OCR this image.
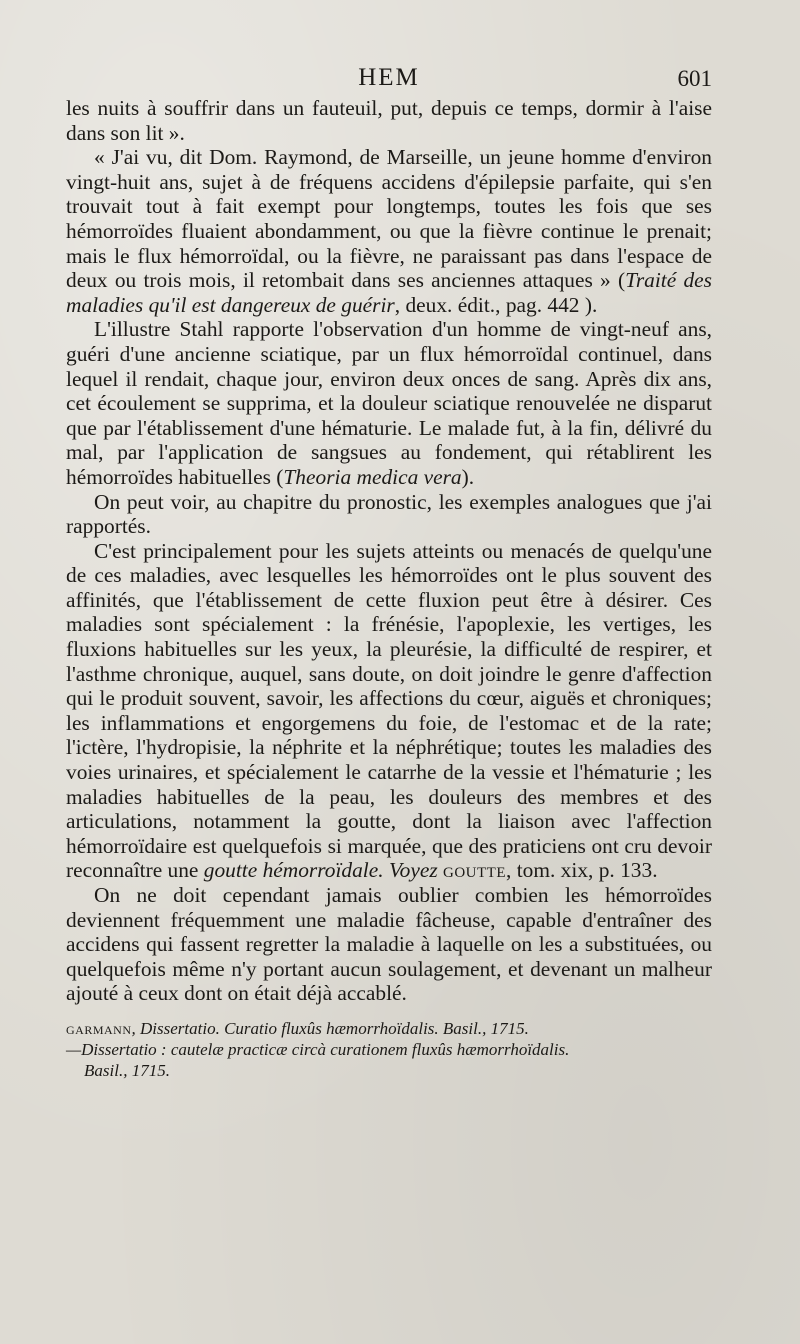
HEM	601

les nuits à souffrir dans un fauteuil, put, depuis ce temps, dormir à l'aise dans son lit ».

« J'ai vu, dit Dom. Raymond, de Marseille, un jeune homme d'environ vingt-huit ans, sujet à de fréquens accidens d'épilepsie parfaite, qui s'en trouvait tout à fait exempt pour longtemps, toutes les fois que ses hémorroïdes fluaient abondamment, ou que la fièvre continue le prenait; mais le flux hémorroïdal, ou la fièvre, ne paraissant pas dans l'espace de deux ou trois mois, il retombait dans ses anciennes attaques » (Traité des maladies qu'il est dangereux de guérir, deux. édit., pag. 442 ).

L'illustre Stahl rapporte l'observation d'un homme de vingt-neuf ans, guéri d'une ancienne sciatique, par un flux hémorroïdal continuel, dans lequel il rendait, chaque jour, environ deux onces de sang. Après dix ans, cet écoulement se supprima, et la douleur sciatique renouvelée ne disparut que par l'établissement d'une hématurie. Le malade fut, à la fin, délivré du mal, par l'application de sangsues au fondement, qui rétablirent les hémorroïdes habituelles (Theoria medica vera).

On peut voir, au chapitre du pronostic, les exemples analogues que j'ai rapportés.

C'est principalement pour les sujets atteints ou menacés de quelqu'une de ces maladies, avec lesquelles les hémorroïdes ont le plus souvent des affinités, que l'établissement de cette fluxion peut être à désirer. Ces maladies sont spécialement : la frénésie, l'apoplexie, les vertiges, les fluxions habituelles sur les yeux, la pleurésie, la difficulté de respirer, et l'asthme chronique, auquel, sans doute, on doit joindre le genre d'affection qui le produit souvent, savoir, les affections du cœur, aiguës et chroniques; les inflammations et engorgemens du foie, de l'estomac et de la rate; l'ictère, l'hydropisie, la néphrite et la néphrétique; toutes les maladies des voies urinaires, et spécialement le catarrhe de la vessie et l'hématurie ; les maladies habituelles de la peau, les douleurs des membres et des articulations, notamment la goutte, dont la liaison avec l'affection hémorroïdaire est quelquefois si marquée, que des praticiens ont cru devoir reconnaître une goutte hémorroïdale. Voyez goutte, tom. xix, p. 133.

On ne doit cependant jamais oublier combien les hémorroïdes deviennent fréquemment une maladie fâcheuse, capable d'entraîner des accidens qui fassent regretter la maladie à laquelle on les a substituées, ou quelquefois même n'y portant aucun soulagement, et devenant un malheur ajouté à ceux dont on était déjà accablé.

garmann, Dissertatio. Curatio fluxûs hæmorrhoïdalis. Basil., 1715.
—Dissertatio : cautelæ practicæ circà curationem fluxûs hæmorrhoïdalis.
Basil., 1715.
